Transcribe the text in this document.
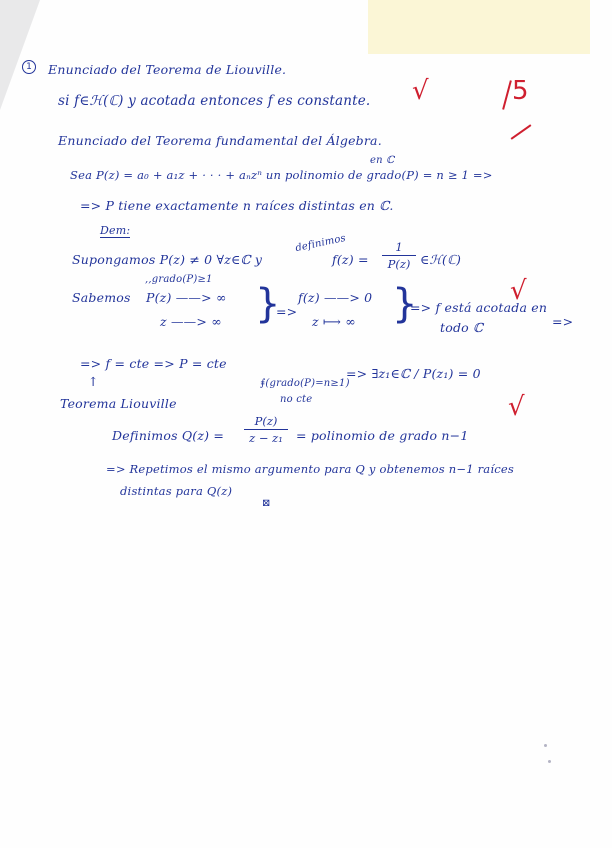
5
1	Enunciado del Teorema de Liouville.
si f∈ℋ(ℂ) y acotada entonces f es constante. √
Enunciado del Teorema fundamental del Álgebra.
en ℂ
Sea P(z) = a₀ + a₁z + · · · + aₙzⁿ un polinomio de grado(P) = n ≥ 1 =>
=> P tiene exactamente n raíces distintas en ℂ.
Dem:
definimos
Supongamos P(z) ≠ 0 ∀z∈ℂ y	f(z) =
1
P(z) ∈ℋ(ℂ)
,,grado(P)≥1
Sabemos P(z) ——> ∞
z ——> ∞ }
=>
f(z) ——> 0
z ⟼ ∞ }
=> f está acotada en
todo ℂ	=>
√
=> f = cte => P = cte
=> ∃z₁∈ℂ / P(z₁) = 0
⨎(grado(P)=n≥1)
no cte
↑
Teorema Liouville	√
Definimos Q(z) =
P(z)
z − z₁	= polinomio de grado n−1
=> Repetimos el mismo argumento para Q y obtenemos n−1 raíces
distintas para Q(z)
⊠
